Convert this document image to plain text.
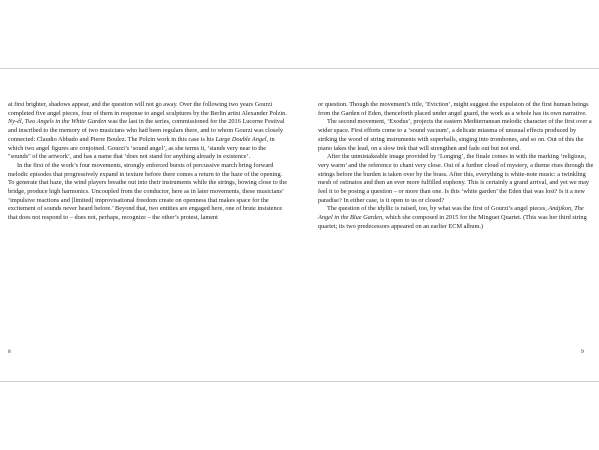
at first brighter, shadows appear, and the question will not go away. Over the following two years Gourzi completed five angel pieces, four of them in response to angel sculptures by the Berlin artist Alexander Polzin. Ny-él, Two Angels in the White Garden was the last in the series, commissioned for the 2016 Lucerne Festival and inscribed to the memory of two musicians who had been regulars there, and to whom Gourzi was closely connected: Claudio Abbado and Pierre Boulez. The Polzin work in this case is his Large Double Angel, in which two angel figures are conjoined. Gourzi’s ‘sound angel’, as she terms it, ‘stands very near to the "sounds" of the artwork’, and has a name that ‘does not stand for anything already in existence’.

In the first of the work’s four movements, strongly enforced bursts of percussive march bring forward melodic episodes that progressively expand in texture before there comes a return to the haze of the opening. To generate that haze, the wind players breathe out into their instruments while the strings, bowing close to the bridge, produce high harmonics. Uncoupled from the conductor, here as in later movements, these musicians’ ‘impulsive reactions and [limited] improvisational freedom create on openness that makes space for the excitement of sounds never heard before.’ Beyond that, two entities are engaged here, one of brute insistence that does not respond to – does not, perhaps, recognize – the other’s protest, lament

or question. Though the movement’s title, ‘Eviction’, might suggest the expulsion of the first human beings from the Garden of Eden, thenceforth placed under angel guard, the work as a whole has its own narrative.

The second movement, ‘Exodus’, projects the eastern Mediterranean melodic character of the first over a wider space. First efforts come to a ‘sound vacuum’, a delicate miasma of unusual effects produced by striking the wood of string instruments with superballs, singing into trombones, and so on. Out of this the piano takes the lead, on a slow trek that will strengthen and fade out but not end.

After the unmistakeable image provided by ‘Longing’, the finale comes in with the marking ‘religious, very warm’ and the reference to chant very close. Out of a further cloud of mystery, a theme rises through the strings before the burden is taken over by the brass. After this, everything is white-note music: a twinkling mesh of ostinatos and then an ever more fulfilled euphony. This is certainly a grand arrival, and yet we may feel it to be posing a question – or more than one. Is this ‘white garden’ the Eden that was lost? Is it a new paradise? In either case, is it open to us or closed?

The question of the idyllic is raised, too, by what was the first of Gourzi’s angel pieces, Anájikon, The Angel in the Blue Garden, which she composed in 2015 for the Minguet Quartet. (This was her third string quartet; its two predecessors appeared on an earlier ECM album.)

8	9
